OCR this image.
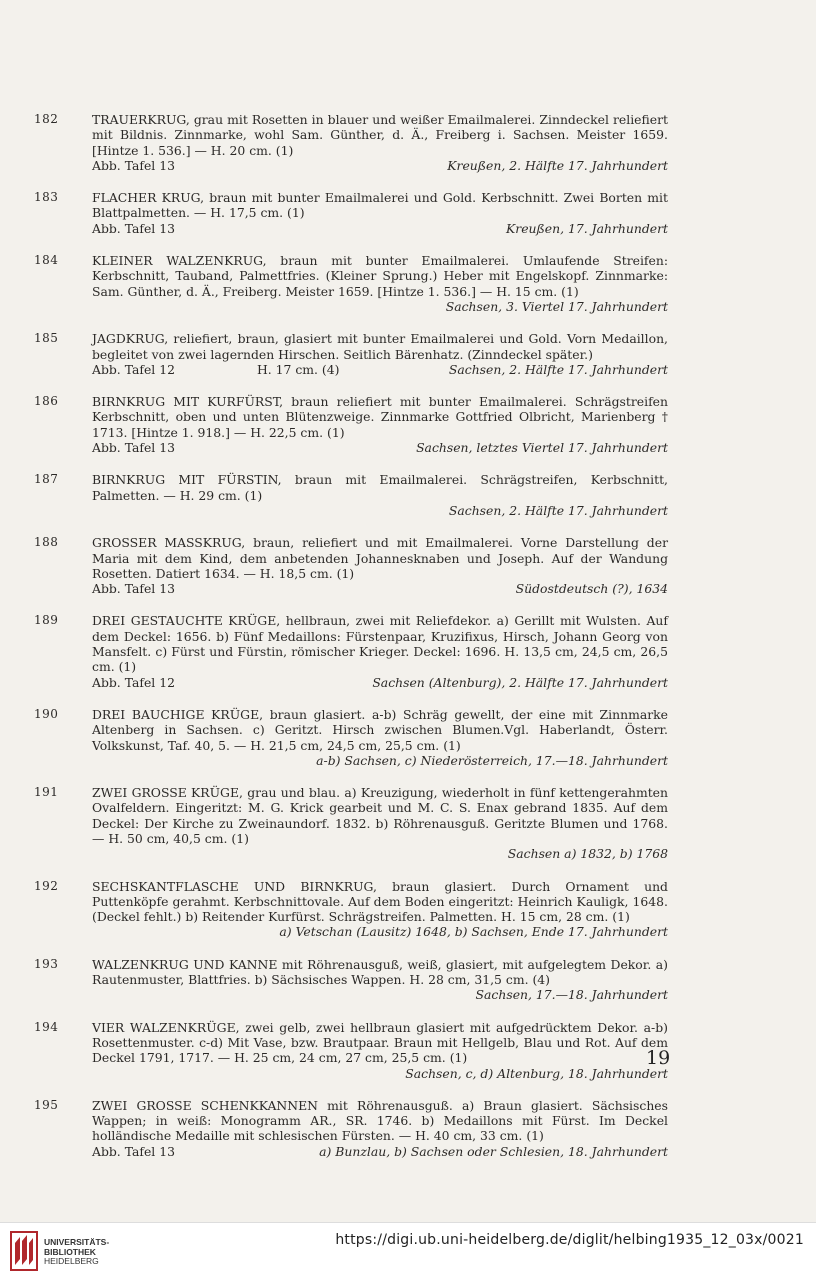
182	TRAUERKRUG, grau mit Rosetten in blauer und weißer Emailmalerei. Zinndeckel reliefiert mit Bildnis. Zinnmarke, wohl Sam. Günther, d. Ä., Freiberg i. Sachsen. Meister 1659. [Hintze 1. 536.] — H. 20 cm. (1)

Abb. Tafel 13	Kreußen, 2. Hälfte 17. Jahrhundert
183	FLACHER KRUG, braun mit bunter Emailmalerei und Gold. Kerbschnitt. Zwei Borten mit Blattpalmetten. — H. 17,5 cm. (1)

Abb. Tafel 13	Kreußen, 17. Jahrhundert
184	KLEINER WALZENKRUG, braun mit bunter Emailmalerei. Umlaufende Streifen: Kerbschnitt, Tauband, Palmettfries. (Kleiner Sprung.) Heber mit Engelskopf. Zinnmarke: Sam. Günther, d. Ä., Freiberg. Meister 1659. [Hintze 1. 536.] — H. 15 cm. (1)

Sachsen, 3. Viertel 17. Jahrhundert
185	JAGDKRUG, reliefiert, braun, glasiert mit bunter Emailmalerei und Gold. Vorn Medaillon, begleitet von zwei lagernden Hirschen. Seitlich Bärenhatz. (Zinndeckel später.)

Abb. Tafel 12	H. 17 cm. (4)	Sachsen, 2. Hälfte 17. Jahrhundert
186	BIRNKRUG MIT KURFÜRST, braun reliefiert mit bunter Emailmalerei. Schrägstreifen Kerbschnitt, oben und unten Blütenzweige. Zinnmarke Gottfried Olbricht, Marienberg † 1713. [Hintze 1. 918.] — H. 22,5 cm. (1)

Abb. Tafel 13	Sachsen, letztes Viertel 17. Jahrhundert
187	BIRNKRUG MIT FÜRSTIN, braun mit Emailmalerei. Schrägstreifen, Kerbschnitt, Palmetten. — H. 29 cm. (1)

Sachsen, 2. Hälfte 17. Jahrhundert
188	GROSSER MASSKRUG, braun, reliefiert und mit Emailmalerei. Vorne Darstellung der Maria mit dem Kind, dem anbetenden Johannesknaben und Joseph. Auf der Wandung Rosetten. Datiert 1634. — H. 18,5 cm. (1)

Abb. Tafel 13	Südostdeutsch (?), 1634
189	DREI GESTAUCHTE KRÜGE, hellbraun, zwei mit Reliefdekor. a) Gerillt mit Wulsten. Auf dem Deckel: 1656. b) Fünf Medaillons: Fürstenpaar, Kruzifixus, Hirsch, Johann Georg von Mansfelt. c) Fürst und Fürstin, römischer Krieger. Deckel: 1696. H. 13,5 cm, 24,5 cm, 26,5 cm. (1)

Abb. Tafel 12	Sachsen (Altenburg), 2. Hälfte 17. Jahrhundert
190	DREI BAUCHIGE KRÜGE, braun glasiert. a-b) Schräg gewellt, der eine mit Zinnmarke Altenberg in Sachsen. c) Geritzt. Hirsch zwischen Blumen.Vgl. Haberlandt, Österr. Volkskunst, Taf. 40, 5. — H. 21,5 cm, 24,5 cm, 25,5 cm. (1)

a-b) Sachsen, c) Niederösterreich, 17.—18. Jahrhundert
191	ZWEI GROSSE KRÜGE, grau und blau. a) Kreuzigung, wiederholt in fünf kettengerahmten Ovalfeldern. Eingeritzt: M. G. Krick gearbeit und M. C. S. Enax gebrand 1835. Auf dem Deckel: Der Kirche zu Zweinaundorf. 1832. b) Röhrenausguß. Geritzte Blumen und 1768. — H. 50 cm, 40,5 cm. (1)

Sachsen a) 1832, b) 1768
192	SECHSKANTFLASCHE UND BIRNKRUG, braun glasiert. Durch Ornament und Puttenköpfe gerahmt. Kerbschnittovale. Auf dem Boden eingeritzt: Heinrich Kauligk, 1648. (Deckel fehlt.) b) Reitender Kurfürst. Schrägstreifen. Palmetten. H. 15 cm, 28 cm. (1)

a) Vetschan (Lausitz) 1648, b) Sachsen, Ende 17. Jahrhundert
193	WALZENKRUG UND KANNE mit Röhrenausguß, weiß, glasiert, mit aufgelegtem Dekor. a) Rautenmuster, Blattfries. b) Sächsisches Wappen. H. 28 cm, 31,5 cm. (4)

Sachsen, 17.—18. Jahrhundert
194	VIER WALZENKRÜGE, zwei gelb, zwei hellbraun glasiert mit aufgedrücktem Dekor. a-b) Rosettenmuster. c-d) Mit Vase, bzw. Brautpaar. Braun mit Hellgelb, Blau und Rot. Auf dem Deckel 1791, 1717. — H. 25 cm, 24 cm, 27 cm, 25,5 cm. (1)

Sachsen, c, d) Altenburg, 18. Jahrhundert
195	ZWEI GROSSE SCHENKKANNEN mit Röhrenausguß. a) Braun glasiert. Sächsisches Wappen; in weiß: Monogramm AR., SR. 1746. b) Medaillons mit Fürst. Im Deckel holländische Medaille mit schlesischen Fürsten. — H. 40 cm, 33 cm. (1)

Abb. Tafel 13	a) Bunzlau, b) Sachsen oder Schlesien, 18. Jahrhundert
19
UNIVERSITÄTS-
BIBLIOTHEK
HEIDELBERG
https://digi.ub.uni-heidelberg.de/diglit/helbing1935_12_03x/0021
